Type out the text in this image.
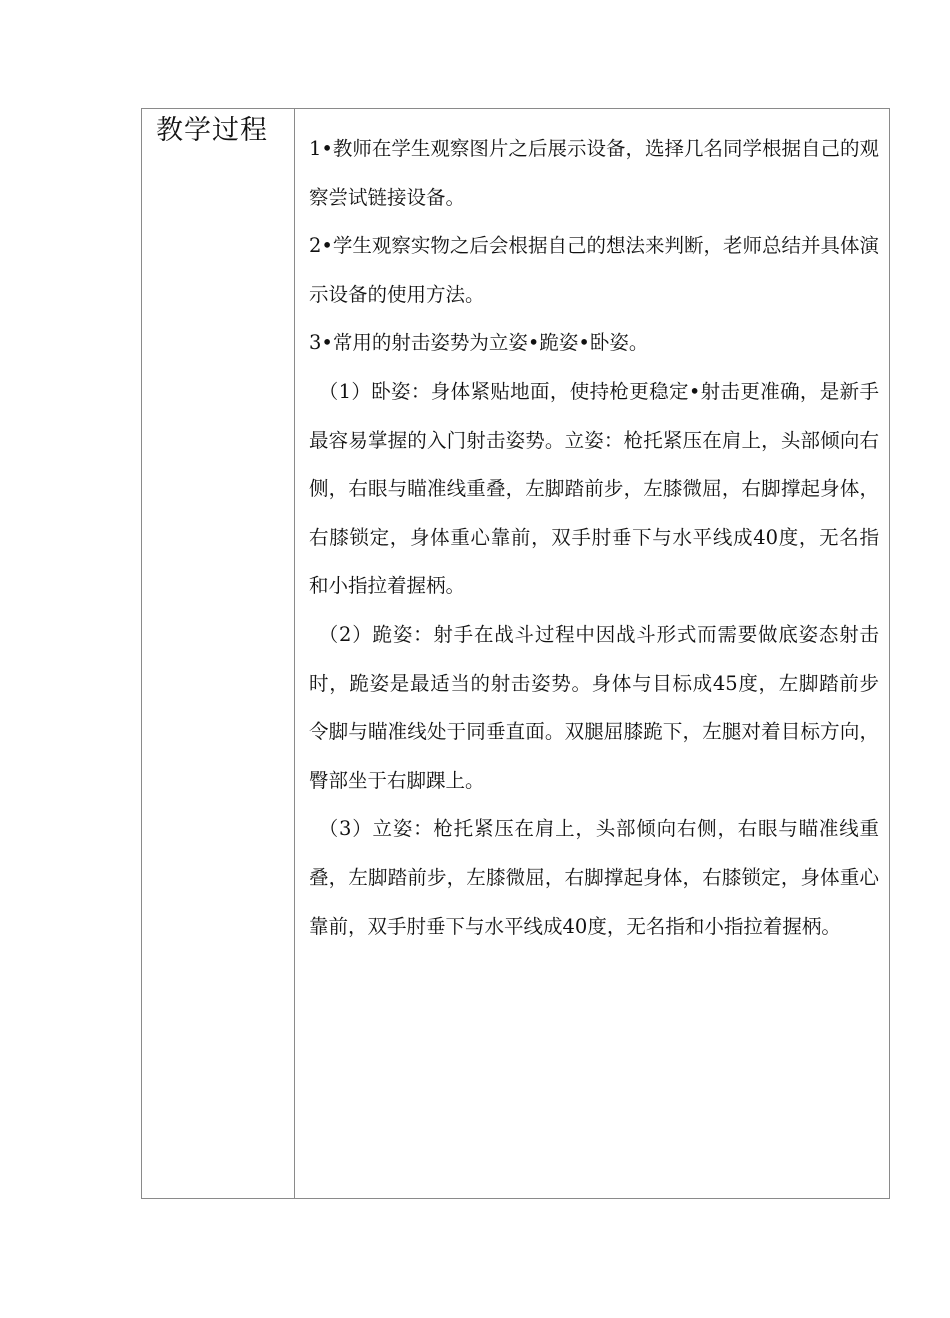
教学过程

1•教师在学生观察图片之后展示设备，选择几名同学根据自己的观察尝试链接设备。

2•学生观察实物之后会根据自己的想法来判断，老师总结并具体演示设备的使用方法。

3•常用的射击姿势为立姿•跪姿•卧姿。

（1）卧姿：身体紧贴地面，使持枪更稳定•射击更准确，是新手最容易掌握的入门射击姿势。立姿：枪托紧压在肩上，头部倾向右侧，右眼与瞄准线重叠，左脚踏前步，左膝微屈，右脚撑起身体，右膝锁定，身体重心靠前，双手肘垂下与水平线成40度，无名指和小指拉着握柄。

（2）跪姿：射手在战斗过程中因战斗形式而需要做底姿态射击时，跪姿是最适当的射击姿势。身体与目标成45度，左脚踏前步令脚与瞄准线处于同垂直面。双腿屈膝跪下，左腿对着目标方向，臀部坐于右脚踝上。

（3）立姿：枪托紧压在肩上，头部倾向右侧，右眼与瞄准线重叠，左脚踏前步，左膝微屈，右脚撑起身体，右膝锁定，身体重心靠前，双手肘垂下与水平线成40度，无名指和小指拉着握柄。
